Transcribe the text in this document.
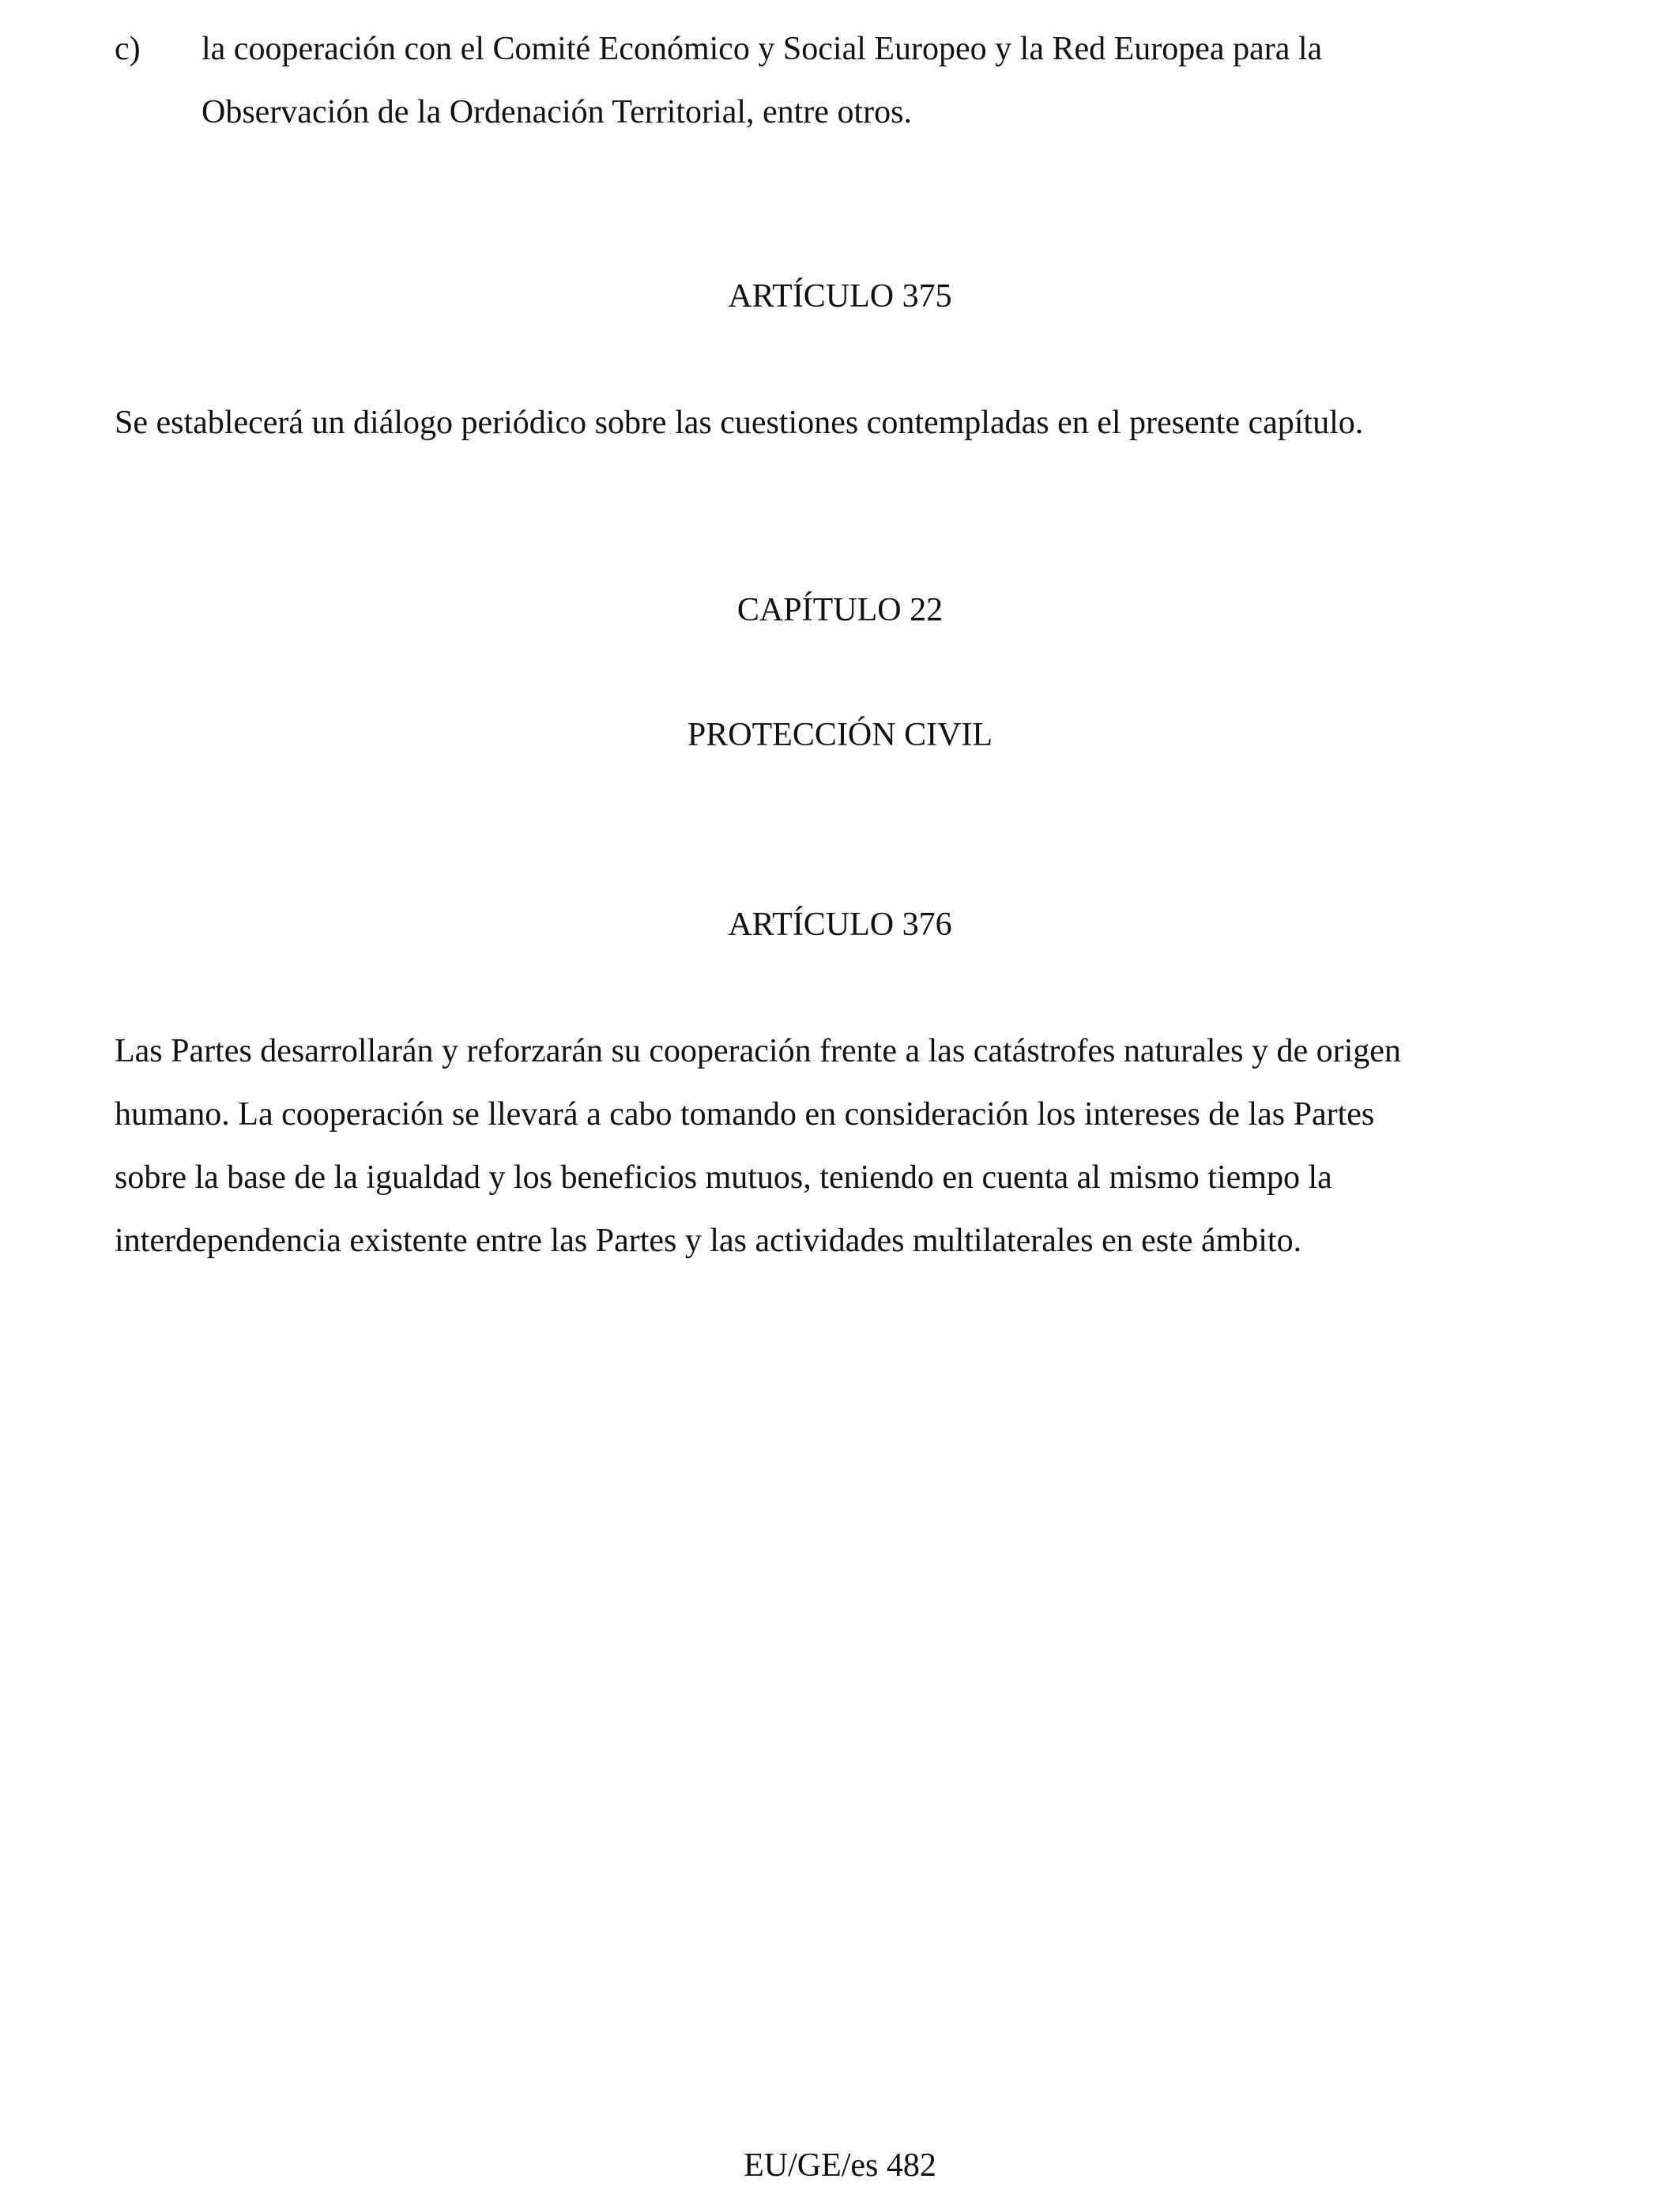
c) la cooperación con el Comité Económico y Social Europeo y la Red Europea para la
Observación de la Ordenación Territorial, entre otros.
ARTÍCULO 375
Se establecerá un diálogo periódico sobre las cuestiones contempladas en el presente capítulo.
CAPÍTULO 22
PROTECCIÓN CIVIL
ARTÍCULO 376
Las Partes desarrollarán y reforzarán su cooperación frente a las catástrofes naturales y de origen
humano. La cooperación se llevará a cabo tomando en consideración los intereses de las Partes
sobre la base de la igualdad y los beneficios mutuos, teniendo en cuenta al mismo tiempo la
interdependencia existente entre las Partes y las actividades multilaterales en este ámbito.
EU/GE/es 482
